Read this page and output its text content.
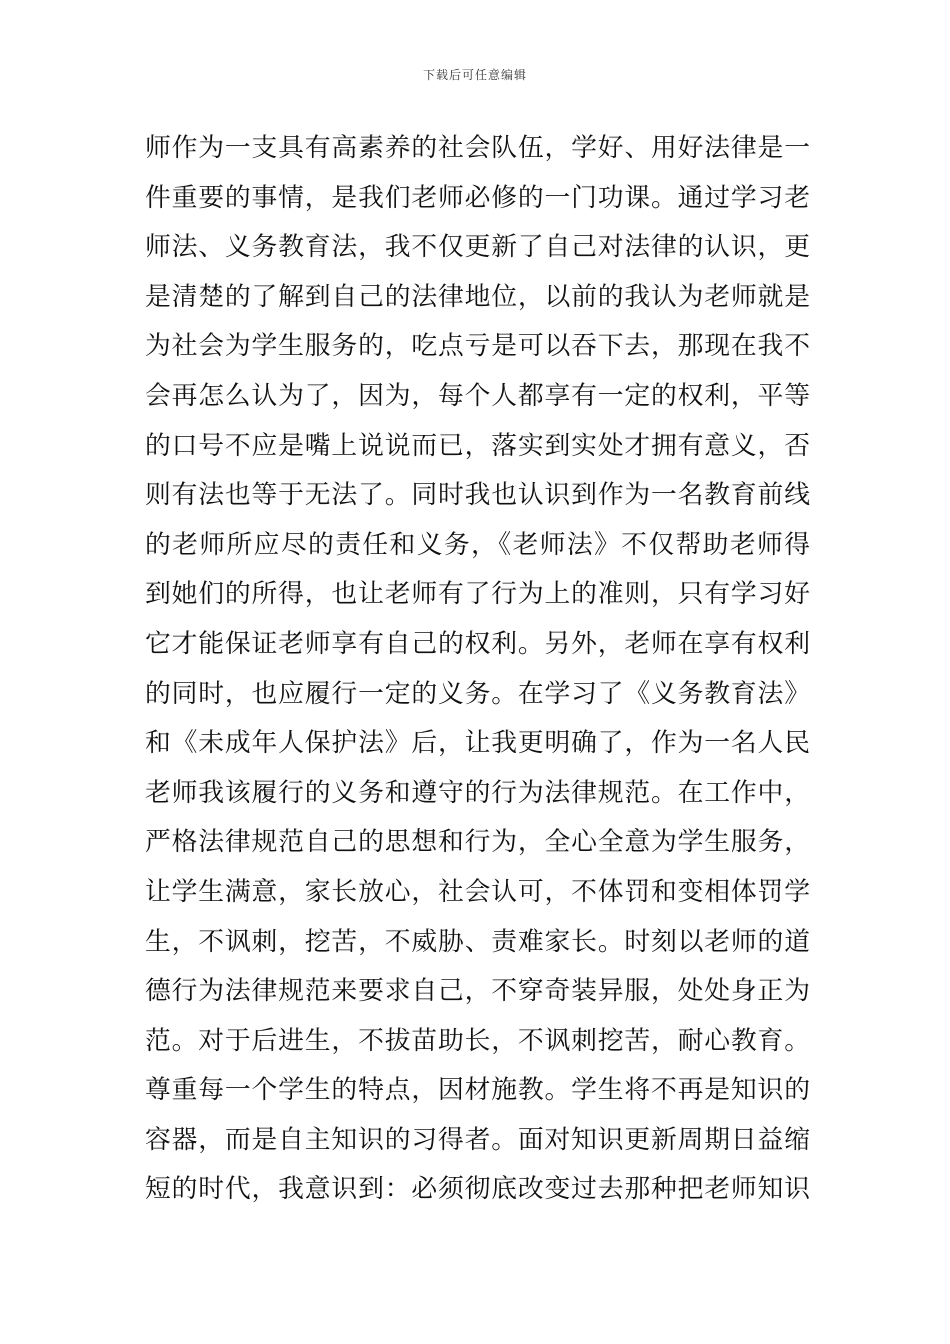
下载后可任意编辑
师作为一支具有高素养的社会队伍，学好、用好法律是一
件重要的事情，是我们老师必修的一门功课。通过学习老
师法、义务教育法，我不仅更新了自己对法律的认识，更
是清楚的了解到自己的法律地位，以前的我认为老师就是
为社会为学生服务的，吃点亏是可以吞下去，那现在我不
会再怎么认为了，因为，每个人都享有一定的权利，平等
的口号不应是嘴上说说而已，落实到实处才拥有意义，否
则有法也等于无法了。同时我也认识到作为一名教育前线
的老师所应尽的责任和义务，《老师法》不仅帮助老师得
到她们的所得，也让老师有了行为上的准则，只有学习好
它才能保证老师享有自己的权利。另外，老师在享有权利
的同时，也应履行一定的义务。在学习了《义务教育法》
和《未成年人保护法》后，让我更明确了，作为一名人民
老师我该履行的义务和遵守的行为法律规范。在工作中，
严格法律规范自己的思想和行为，全心全意为学生服务，
让学生满意，家长放心，社会认可，不体罚和变相体罚学
生，不讽刺，挖苦，不威胁、责难家长。时刻以老师的道
德行为法律规范来要求自己，不穿奇装异服，处处身正为
范。对于后进生，不拔苗助长，不讽刺挖苦，耐心教育。
尊重每一个学生的特点，因材施教。学生将不再是知识的
容器，而是自主知识的习得者。面对知识更新周期日益缩
短的时代，我意识到：必须彻底改变过去那种把老师知识
